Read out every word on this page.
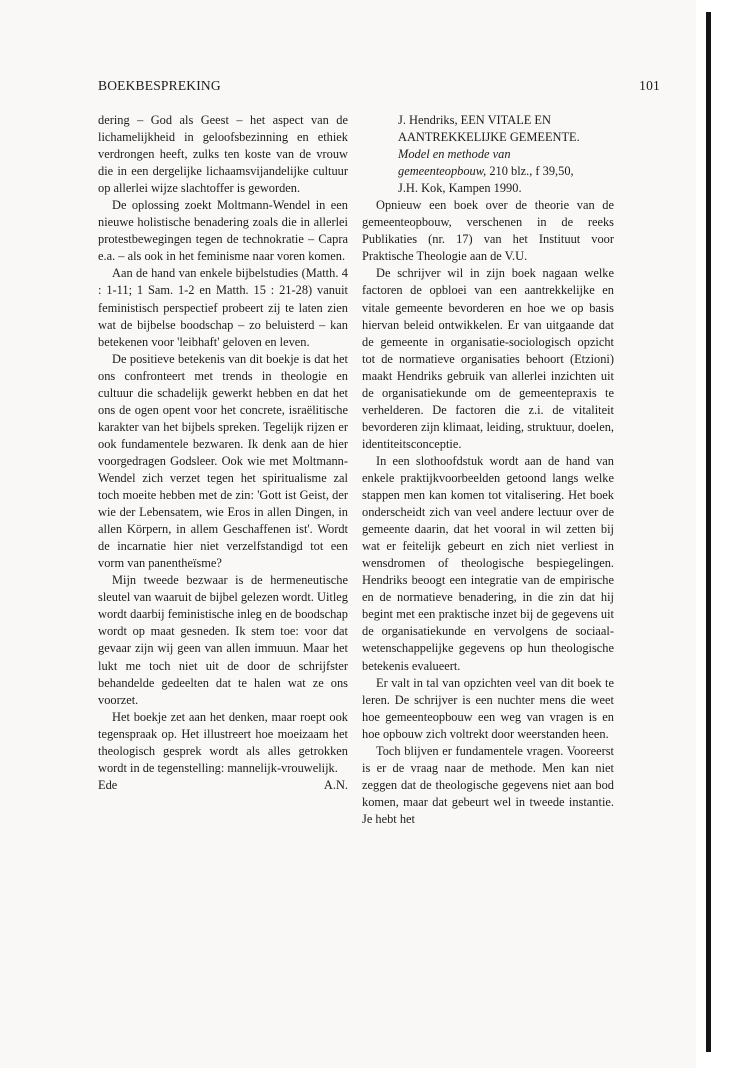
BOEKBESPREKING	101

dering – God als Geest – het aspect van de lichamelijkheid in geloofsbezinning en ethiek verdrongen heeft, zulks ten koste van de vrouw die in een dergelijke lichaamsvijandelijke cultuur op allerlei wijze slachtoffer is geworden.

De oplossing zoekt Moltmann-Wendel in een nieuwe holistische benadering zoals die in allerlei protestbewegingen tegen de technokratie – Capra e.a. – als ook in het feminisme naar voren komen.

Aan de hand van enkele bijbelstudies (Matth. 4 : 1-11; 1 Sam. 1-2 en Matth. 15 : 21-28) vanuit feministisch perspectief probeert zij te laten zien wat de bijbelse boodschap – zo beluisterd – kan betekenen voor 'leibhaft' geloven en leven.

De positieve betekenis van dit boekje is dat het ons confronteert met trends in theologie en cultuur die schadelijk gewerkt hebben en dat het ons de ogen opent voor het concrete, israëlitische karakter van het bijbels spreken. Tegelijk rijzen er ook fundamentele bezwaren. Ik denk aan de hier voorgedragen Godsleer. Ook wie met Moltmann-Wendel zich verzet tegen het spiritualisme zal toch moeite hebben met de zin: 'Gott ist Geist, der wie der Lebensatem, wie Eros in allen Dingen, in allen Körpern, in allem Geschaffenen ist'. Wordt de incarnatie hier niet verzelfstandigd tot een vorm van panentheïsme?

Mijn tweede bezwaar is de hermeneutische sleutel van waaruit de bijbel gelezen wordt. Uitleg wordt daarbij feministische inleg en de boodschap wordt op maat gesneden. Ik stem toe: voor dat gevaar zijn wij geen van allen immuun. Maar het lukt me toch niet uit de door de schrijfster behandelde gedeelten dat te halen wat ze ons voorzet.

Het boekje zet aan het denken, maar roept ook tegenspraak op. Het illustreert hoe moeizaam het theologisch gesprek wordt als alles getrokken wordt in de tegenstelling: mannelijk-vrouwelijk.

Ede	A.N.
J. Hendriks, EEN VITALE EN AANTREKKELIJKE GEMEENTE. Model en methode van gemeenteopbouw, 210 blz., f 39,50, J.H. Kok, Kampen 1990.

Opnieuw een boek over de theorie van de gemeenteopbouw, verschenen in de reeks Publikaties (nr. 17) van het Instituut voor Praktische Theologie aan de V.U.

De schrijver wil in zijn boek nagaan welke factoren de opbloei van een aantrekkelijke en vitale gemeente bevorderen en hoe we op basis hiervan beleid ontwikkelen. Er van uitgaande dat de gemeente in organisatie-sociologisch opzicht tot de normatieve organisaties behoort (Etzioni) maakt Hendriks gebruik van allerlei inzichten uit de organisatiekunde om de gemeentepraxis te verhelderen. De factoren die z.i. de vitaliteit bevorderen zijn klimaat, leiding, struktuur, doelen, identiteitsconceptie.

In een slothoofdstuk wordt aan de hand van enkele praktijkvoorbeelden getoond langs welke stappen men kan komen tot vitalisering. Het boek onderscheidt zich van veel andere lectuur over de gemeente daarin, dat het vooral in wil zetten bij wat er feitelijk gebeurt en zich niet verliest in wensdromen of theologische bespiegelingen. Hendriks beoogt een integratie van de empirische en de normatieve benadering, in die zin dat hij begint met een praktische inzet bij de gegevens uit de organisatiekunde en vervolgens de sociaal-wetenschappelijke gegevens op hun theologische betekenis evalueert.

Er valt in tal van opzichten veel van dit boek te leren. De schrijver is een nuchter mens die weet hoe gemeenteopbouw een weg van vragen is en hoe opbouw zich voltrekt door weerstanden heen.

Toch blijven er fundamentele vragen. Vooreerst is er de vraag naar de methode. Men kan niet zeggen dat de theologische gegevens niet aan bod komen, maar dat gebeurt wel in tweede instantie. Je hebt het
